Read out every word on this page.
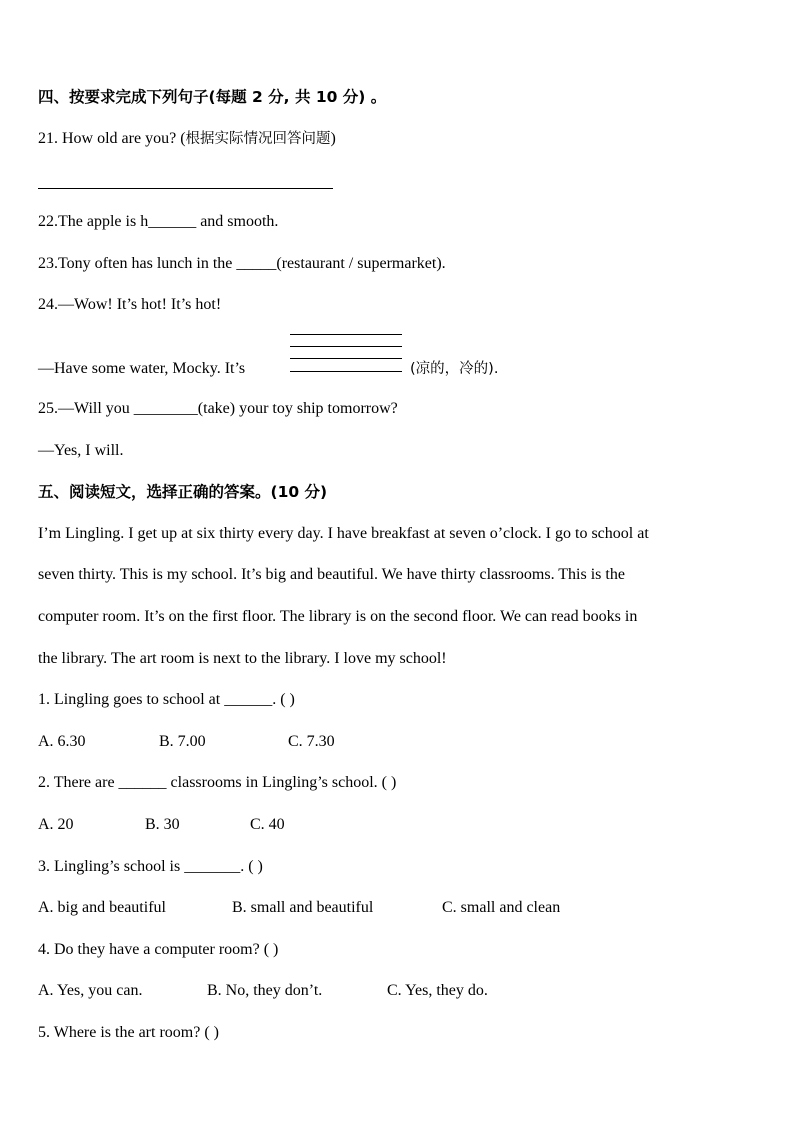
四、按要求完成下列句子(每题 2 分, 共 10 分) 。
21. How old are you? (根据实际情况回答问题)
22.The apple is h______ and smooth.
23.Tony often has lunch in the _____(restaurant / supermarket).
24.—Wow! It’s hot! It’s hot!
—Have some water, Mocky. It’s	(凉的，冷的).
25.—Will you ________(take) your toy ship tomorrow?
—Yes, I will.
五、阅读短文，选择正确的答案。(10 分)
I’m Lingling. I get up at six thirty every day. I have breakfast at seven o’clock. I go to school at
seven thirty. This is my school. It’s big and beautiful. We have thirty classrooms. This is the
computer room. It’s on the first floor. The library is on the second floor. We can read books in
the library. The art room is next to the library. I love my school!
1. Lingling goes to school at ______. ( )
A. 6.30	B. 7.00	C. 7.30
2. There are ______ classrooms in Lingling’s school. ( )
A. 20	B. 30	C. 40
3. Lingling’s school is _______. ( )
A. big and beautiful	B. small and beautiful	C. small and clean
4. Do they have a computer room? ( )
A. Yes, you can.	B. No, they don’t.	C. Yes, they do.
5. Where is the art room? ( )
